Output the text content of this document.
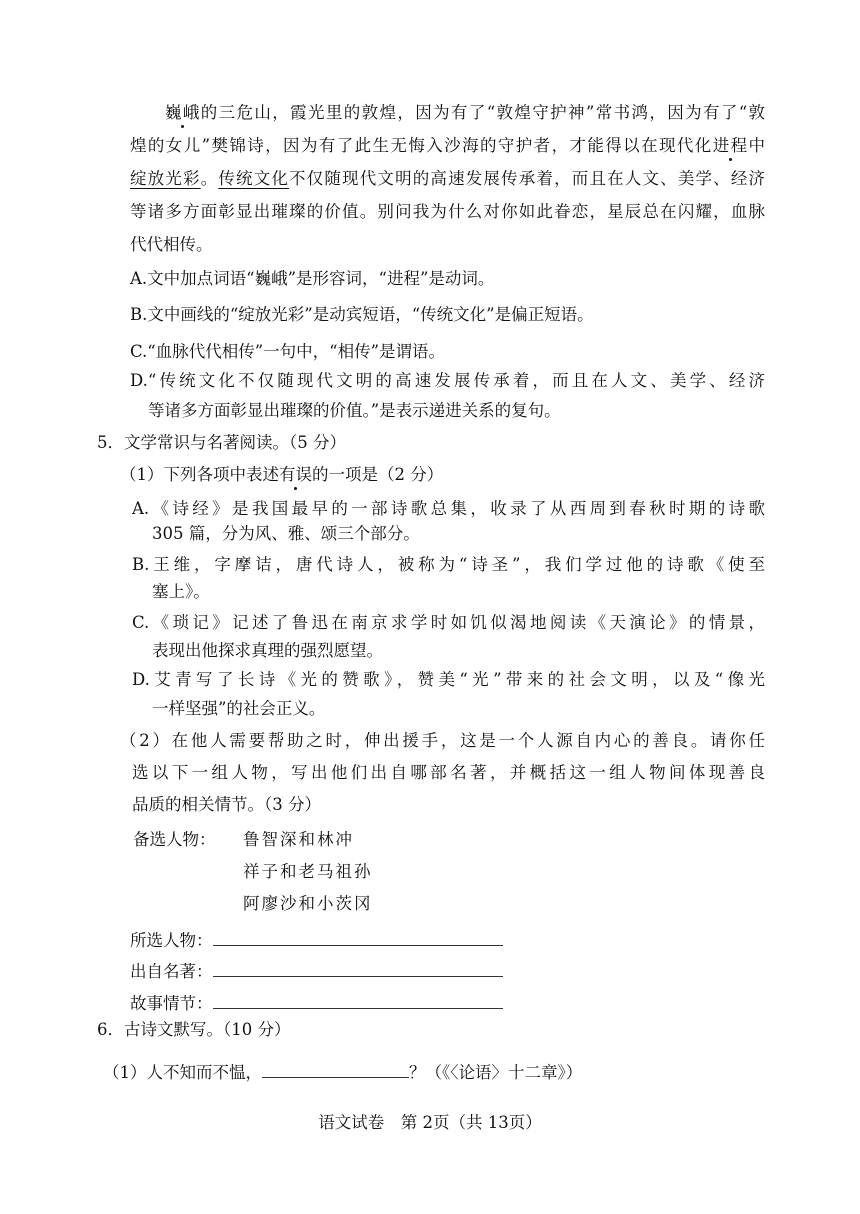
巍峨的三危山，霞光里的敦煌，因为有了“敦煌守护神”常书鸿，因为有了“敦
煌的女儿”樊锦诗，因为有了此生无悔入沙海的守护者，才能得以在现代化进程中
绽放光彩。传统文化不仅随现代文明的高速发展传承着，而且在人文、美学、经济
等诸多方面彰显出璀璨的价值。别问我为什么对你如此眷恋，星辰总在闪耀，血脉
代代相传。
A.文中加点词语“巍峨”是形容词，“进程”是动词。
B.文中画线的“绽放光彩”是动宾短语，“传统文化”是偏正短语。
C.“血脉代代相传”一句中，“相传”是谓语。
D.“传统文化不仅随现代文明的高速发展传承着，而且在人文、美学、经济
等诸多方面彰显出璀璨的价值。”是表示递进关系的复句。
5．文学常识与名著阅读。（5 分）
（1）下列各项中表述有误的一项是（2 分）
A.《诗经》是我国最早的一部诗歌总集，收录了从西周到春秋时期的诗歌
305 篇，分为风、雅、颂三个部分。
B.王维，字摩诘，唐代诗人，被称为“诗圣”，我们学过他的诗歌《使至
塞上》。
C.《琐记》记述了鲁迅在南京求学时如饥似渴地阅读《天演论》的情景，
表现出他探求真理的强烈愿望。
D.艾青写了长诗《光的赞歌》，赞美“光”带来的社会文明，以及“像光
一样坚强”的社会正义。
（2）在他人需要帮助之时，伸出援手，这是一个人源自内心的善良。请你任
选以下一组人物，写出他们出自哪部名著，并概括这一组人物间体现善良
品质的相关情节。（3 分）
备选人物： 鲁智深和林冲
祥子和老马祖孙
阿廖沙和小茨冈
所选人物：
出自名著：
故事情节：
6．古诗文默写。（10 分）
（1）人不知而不愠，	？（《〈论语〉十二章》）
语文试卷　第 2页（共 13页）
